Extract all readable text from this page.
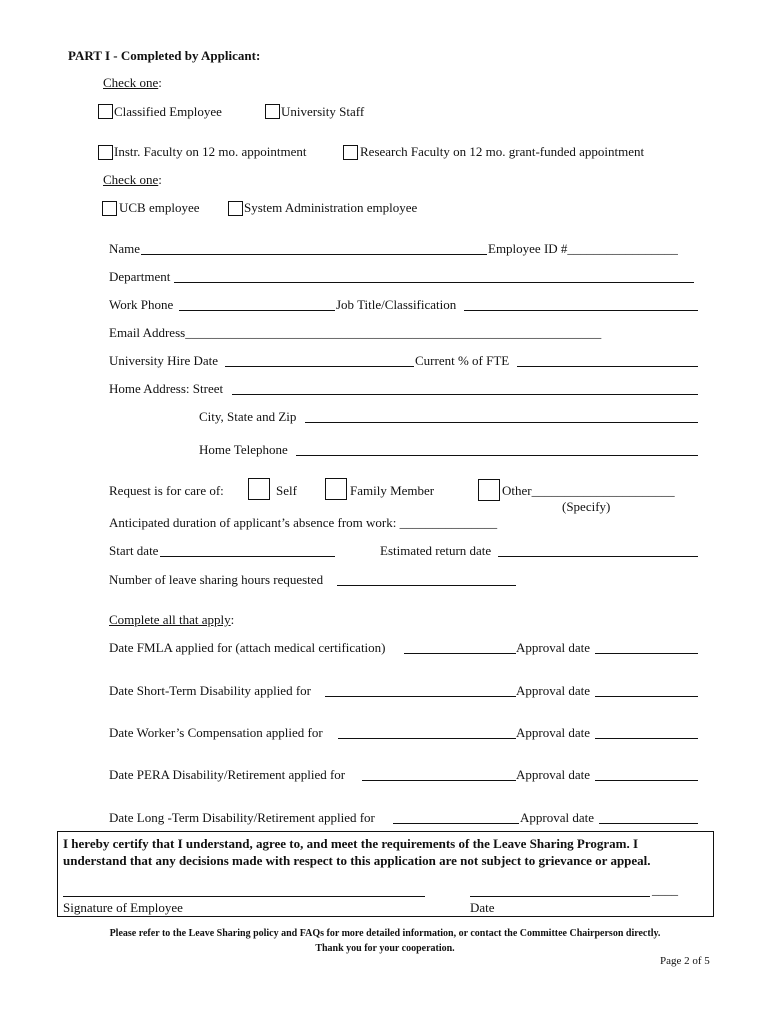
PART I - Completed by Applicant:
Check one:
Classified Employee	University Staff
Instr. Faculty on 12 mo. appointment	Research Faculty on 12 mo. grant-funded appointment
Check one:
UCB employee	System Administration employee
Name	Employee ID #_________________
Department
Work Phone	Job Title/Classification
Email Address________________________________________________________________
University Hire Date	Current % of FTE
Home Address: Street
City, State and Zip
Home Telephone
Request is for care of:	Self	Family Member	Other______________________
(Specify)
Anticipated duration of applicant’s absence from work: _______________
Start date	Estimated return date
Number of leave sharing hours requested
Complete all that apply:
Date FMLA applied for (attach medical certification)	Approval date
Date Short-Term Disability applied for	Approval date
Date Worker’s Compensation applied for	Approval date
Date PERA Disability/Retirement applied for	Approval date
Date Long -Term Disability/Retirement applied for	Approval date
I hereby certify that I understand, agree to, and meet the requirements of the Leave Sharing Program. I understand that any decisions made with respect to this application are not subject to grievance or appeal.
Signature of Employee
____
Date
Please refer to the Leave Sharing policy and FAQs for more detailed information, or contact the Committee Chairperson directly.
Thank you for your cooperation.
Page 2 of 5
